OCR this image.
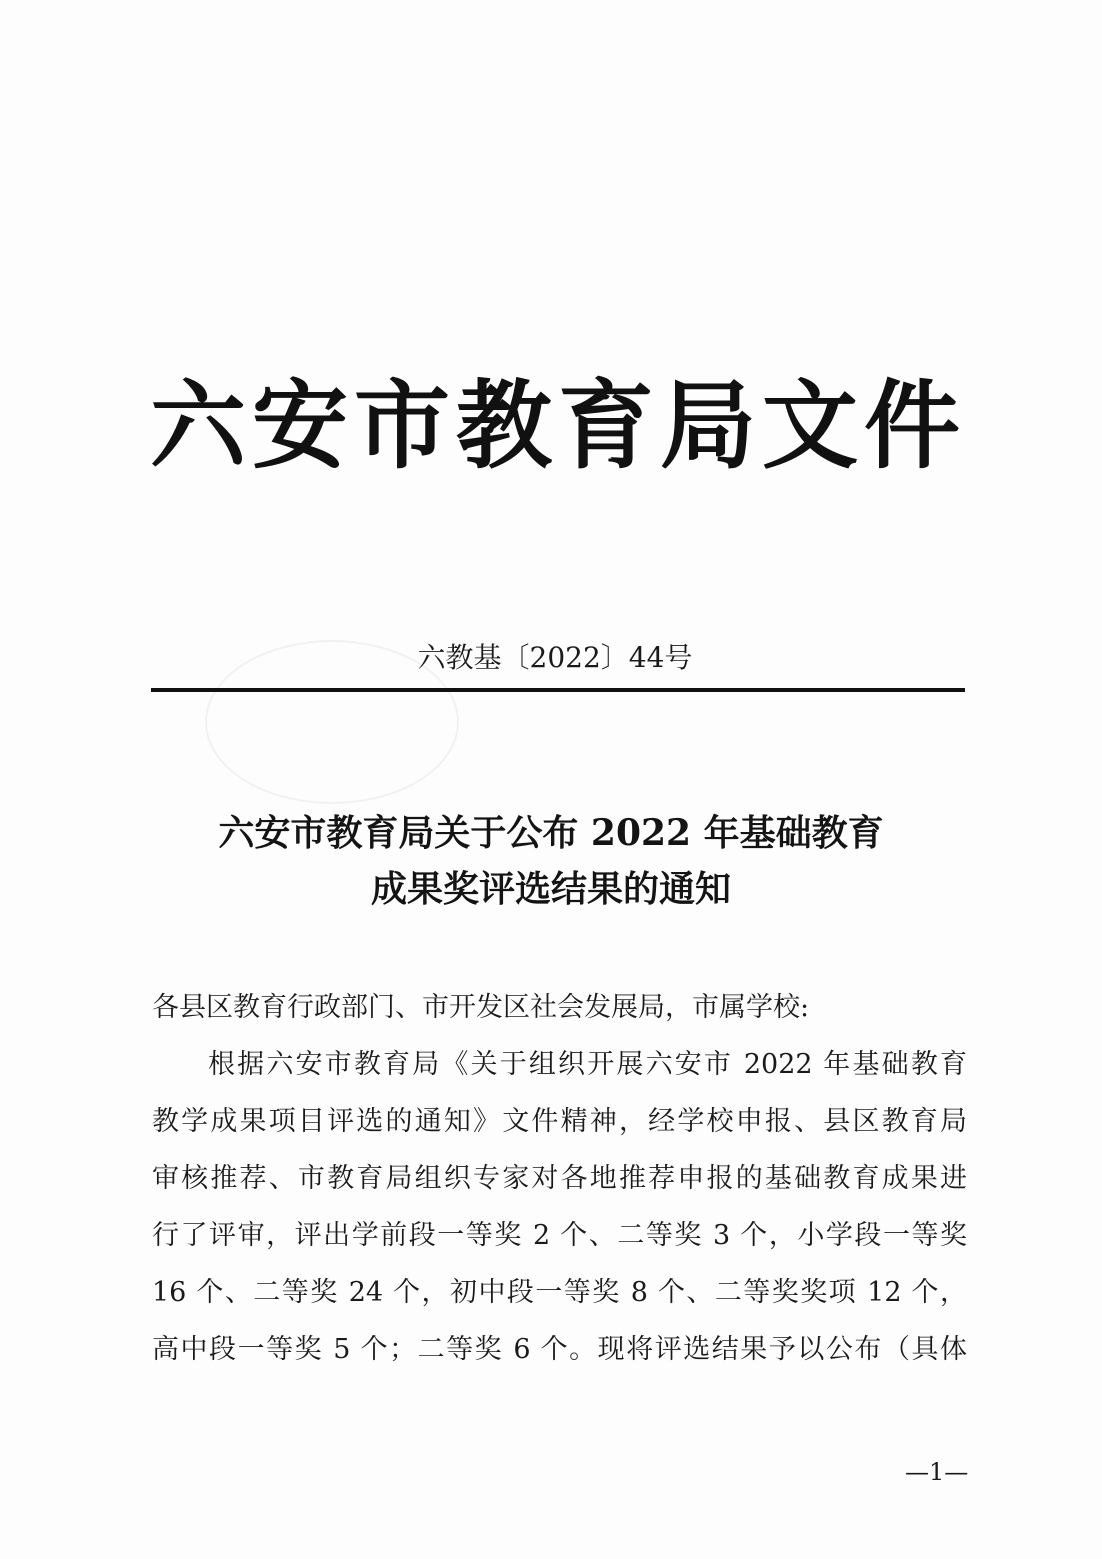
六安市教育局文件
六教基〔2022〕44号
六安市教育局关于公布 2022 年基础教育
成果奖评选结果的通知
各县区教育行政部门、市开发区社会发展局，市属学校:
根据六安市教育局《关于组织开展六安市 2022 年基础教育
教学成果项目评选的通知》文件精神，经学校申报、县区教育局
审核推荐、市教育局组织专家对各地推荐申报的基础教育成果进
行了评审，评出学前段一等奖 2 个、二等奖 3 个，小学段一等奖
16 个、二等奖 24 个，初中段一等奖 8 个、二等奖奖项 12 个，
高中段一等奖 5 个；二等奖 6 个。现将评选结果予以公布（具体
—1—
